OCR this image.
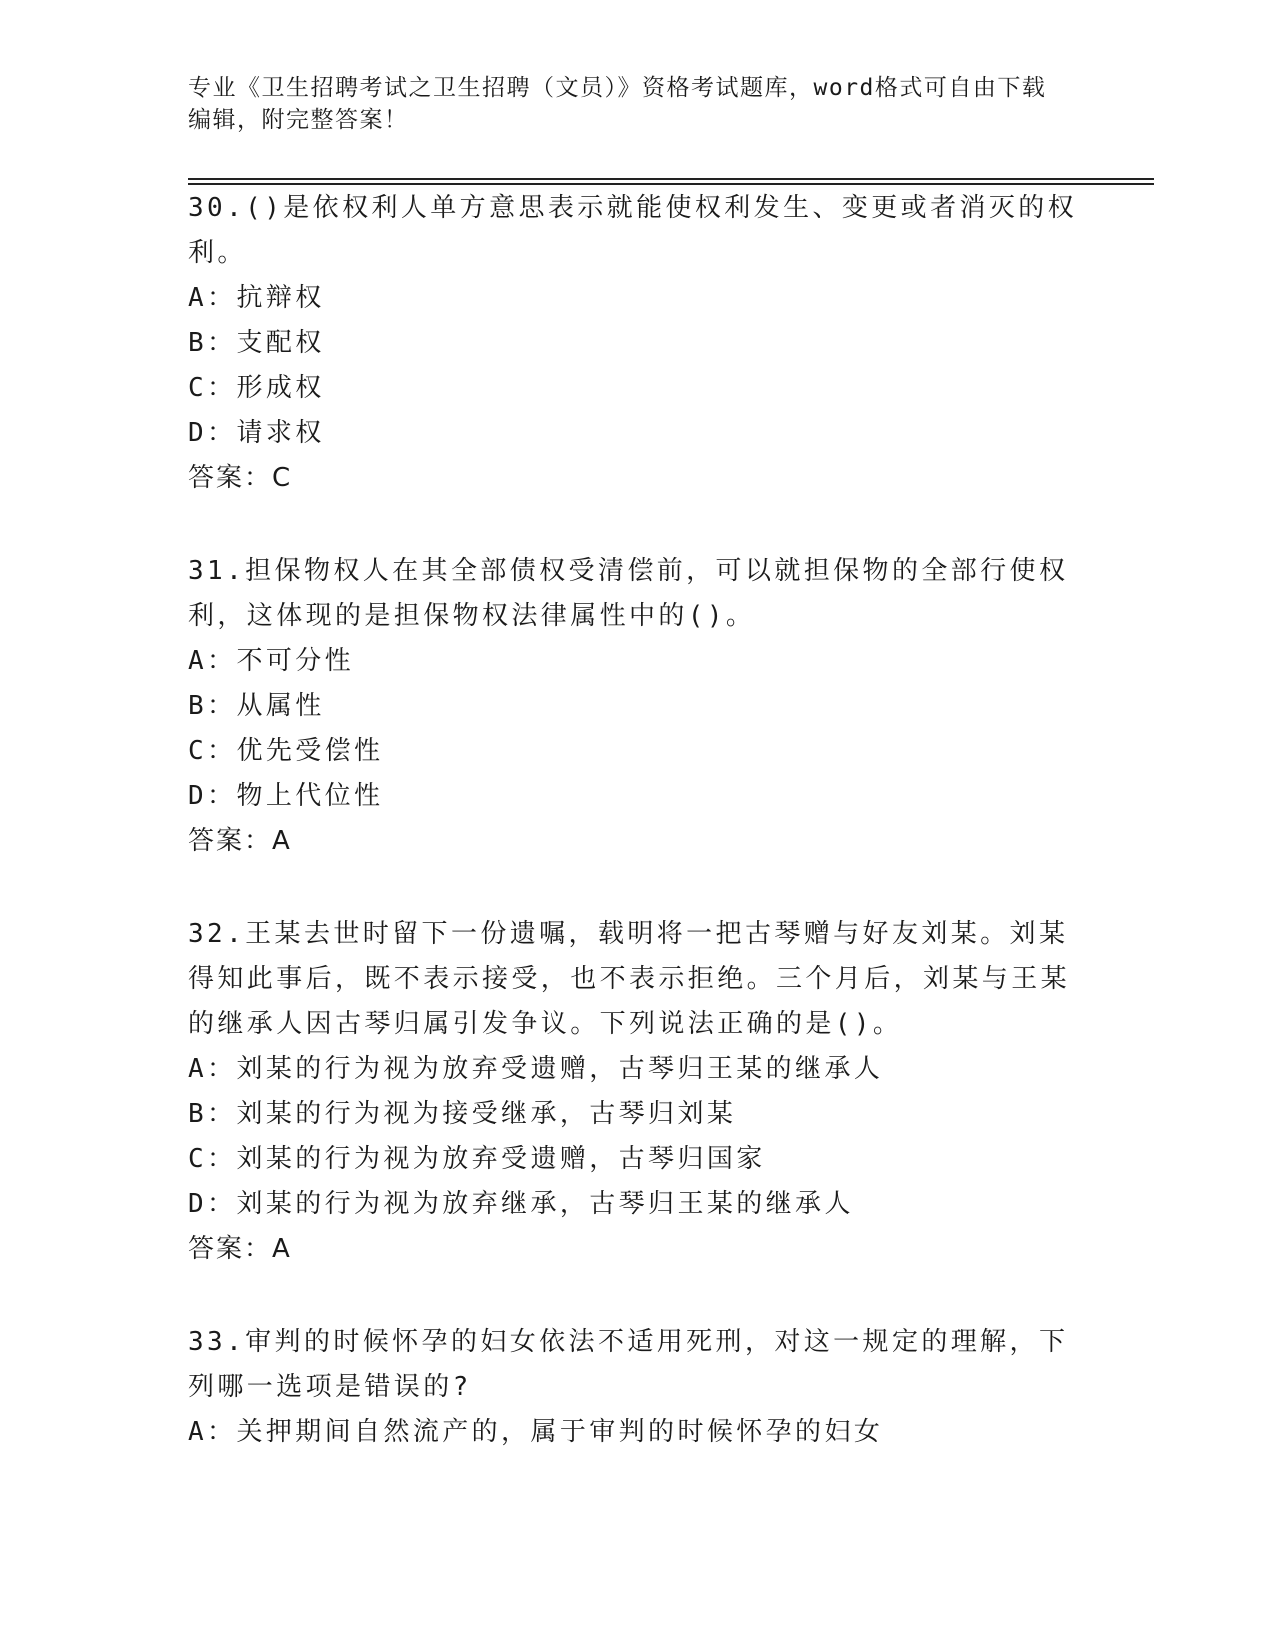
专业《卫生招聘考试之卫生招聘（文员）》资格考试题库，word格式可自由下载编辑，附完整答案！

30.()是依权利人单方意思表示就能使权利发生、变更或者消灭的权利。

A：抗辩权

B：支配权

C：形成权

D：请求权

答案：C

31.担保物权人在其全部债权受清偿前，可以就担保物的全部行使权利，这体现的是担保物权法律属性中的()。

A：不可分性

B：从属性

C：优先受偿性

D：物上代位性

答案：A

32.王某去世时留下一份遗嘱，载明将一把古琴赠与好友刘某。刘某得知此事后，既不表示接受，也不表示拒绝。三个月后，刘某与王某的继承人因古琴归属引发争议。下列说法正确的是()。

A：刘某的行为视为放弃受遗赠，古琴归王某的继承人

B：刘某的行为视为接受继承，古琴归刘某

C：刘某的行为视为放弃受遗赠，古琴归国家

D：刘某的行为视为放弃继承，古琴归王某的继承人

答案：A

33.审判的时候怀孕的妇女依法不适用死刑，对这一规定的理解，下列哪一选项是错误的?

A：关押期间自然流产的，属于审判的时候怀孕的妇女
